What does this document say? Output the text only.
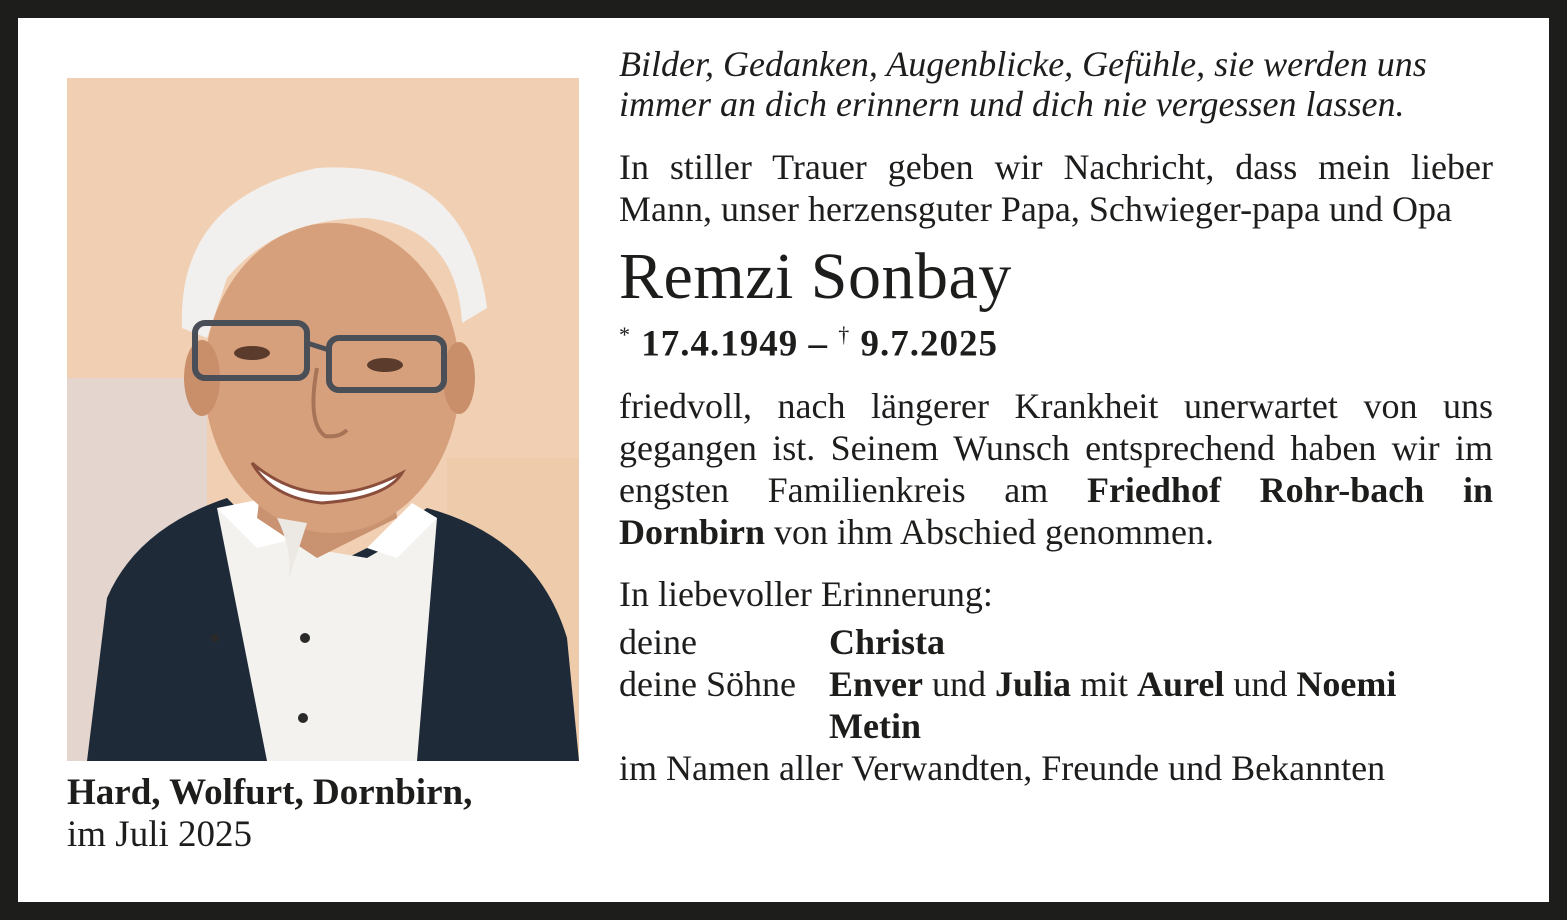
Hard, Wolfurt, Dornbirn,
im Juli 2025

Bilder, Gedanken, Augenblicke, Gefühle, sie werden uns
immer an dich erinnern und dich nie vergessen lassen.

In stiller Trauer geben wir Nachricht, dass mein lieber Mann, unser herzensguter Papa, Schwieger-papa und Opa

Remzi Sonbay

* 17.4.1949 – † 9.7.2025

friedvoll, nach längerer Krankheit unerwartet von uns gegangen ist. Seinem Wunsch entsprechend haben wir im engsten Familienkreis am Friedhof Rohr-bach in Dornbirn von ihm Abschied genommen.

In liebevoller Erinnerung:

deine	Christa
deine Söhne Enver und Julia mit Aurel und Noemi
Metin
im Namen aller Verwandten, Freunde und Bekannten
